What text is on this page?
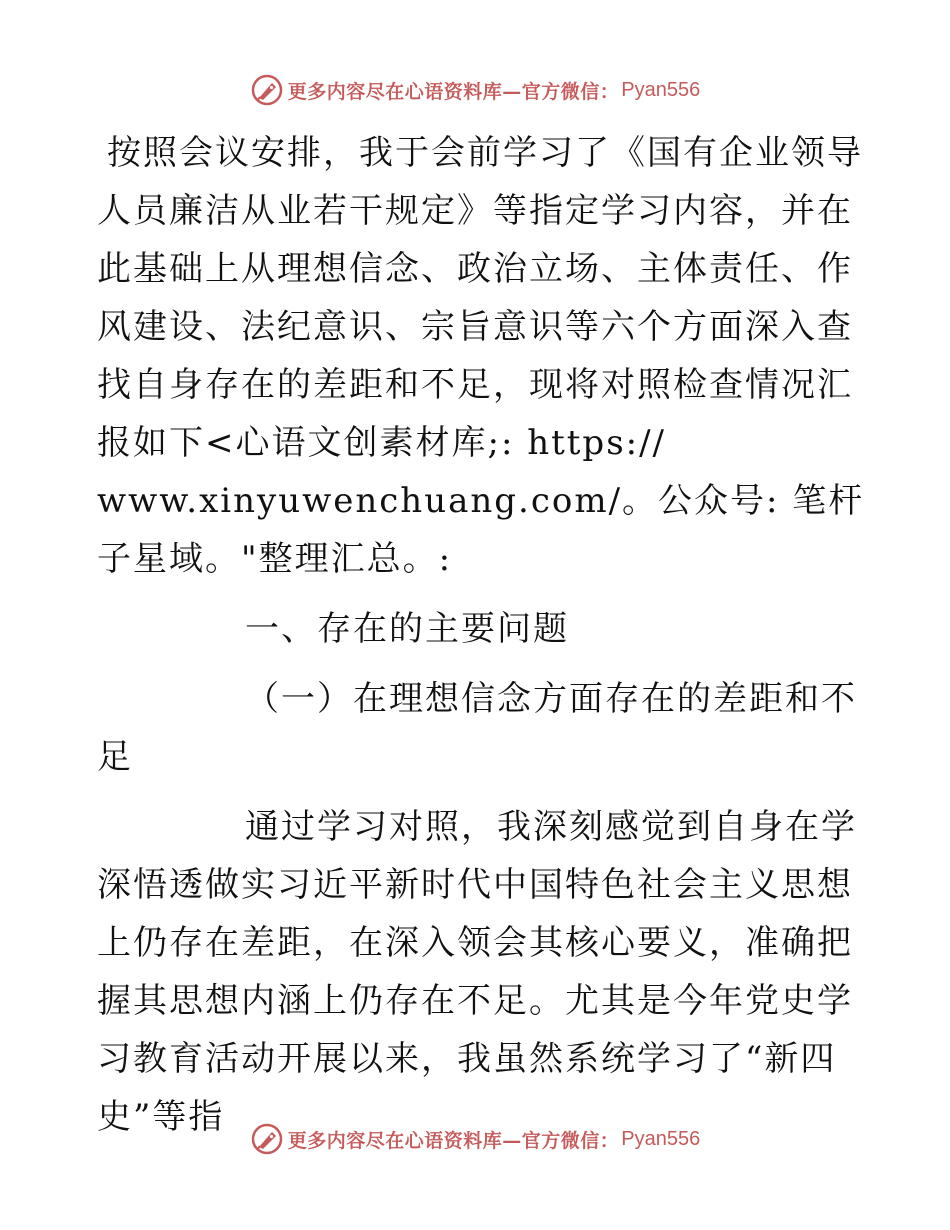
更多内容尽在心语资料库—官方微信： Pyan556

按照会议安排，我于会前学习了《国有企业领导人员廉洁从业若干规定》等指定学习内容，并在此基础上从理想信念、政治立场、主体责任、作风建设、法纪意识、宗旨意识等六个方面深入查找自身存在的差距和不足，现将对照检查情况汇报如下<心语文创素材库;: https:// www.xinyuwenchuang.com/。公众号: 笔杆子星域。"整理汇总。:

一、存在的主要问题

（一）在理想信念方面存在的差距和不足

通过学习对照，我深刻感觉到自身在学深悟透做实习近平新时代中国特色社会主义思想上仍存在差距，在深入领会其核心要义，准确把握其思想内涵上仍存在不足。尤其是今年党史学习教育活动开展以来，我虽然系统学习了“新四史”等指

更多内容尽在心语资料库—官方微信： Pyan556
